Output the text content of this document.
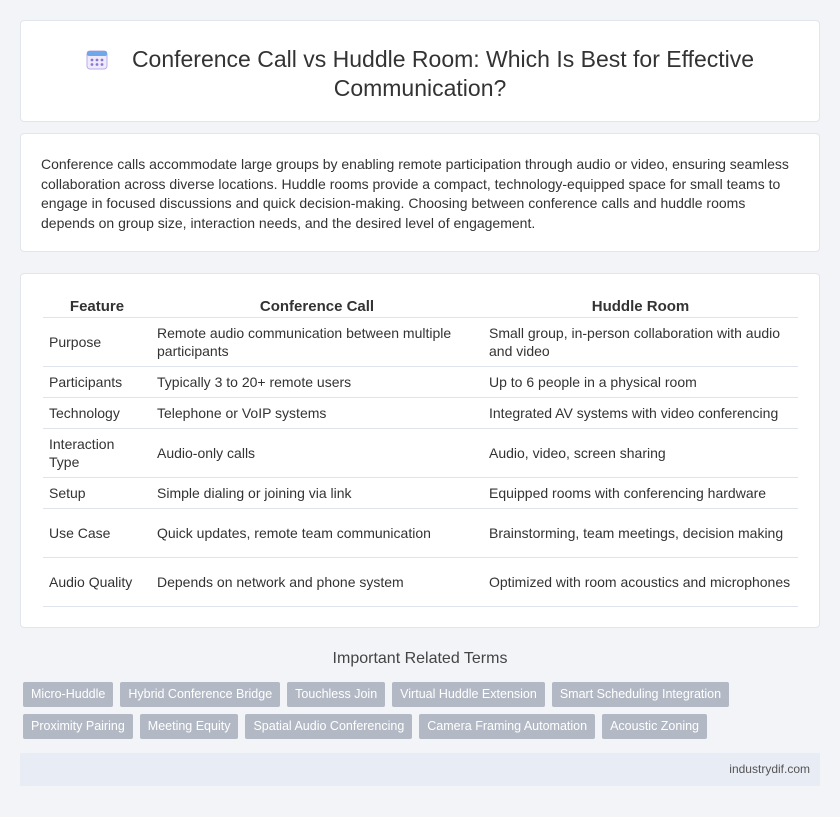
Conference Call vs Huddle Room: Which Is Best for Effective Communication?

Conference calls accommodate large groups by enabling remote participation through audio or video, ensuring seamless collaboration across diverse locations. Huddle rooms provide a compact, technology-equipped space for small teams to engage in focused discussions and quick decision-making. Choosing between conference calls and huddle rooms depends on group size, interaction needs, and the desired level of engagement.

Feature	Conference Call	Huddle Room
Purpose	Remote audio communication between multiple participants	Small group, in-person collaboration with audio and video
Participants	Typically 3 to 20+ remote users	Up to 6 people in a physical room
Technology	Telephone or VoIP systems	Integrated AV systems with video conferencing
Interaction Type	Audio-only calls	Audio, video, screen sharing
Setup	Simple dialing or joining via link	Equipped rooms with conferencing hardware
Use Case	Quick updates, remote team communication	Brainstorming, team meetings, decision making
Audio Quality	Depends on network and phone system	Optimized with room acoustics and microphones
Important Related Terms
Micro-Huddle	Hybrid Conference Bridge	Touchless Join	Virtual Huddle Extension	Smart Scheduling Integration
Proximity Pairing	Meeting Equity	Spatial Audio Conferencing	Camera Framing Automation	Acoustic Zoning
industrydif.com
